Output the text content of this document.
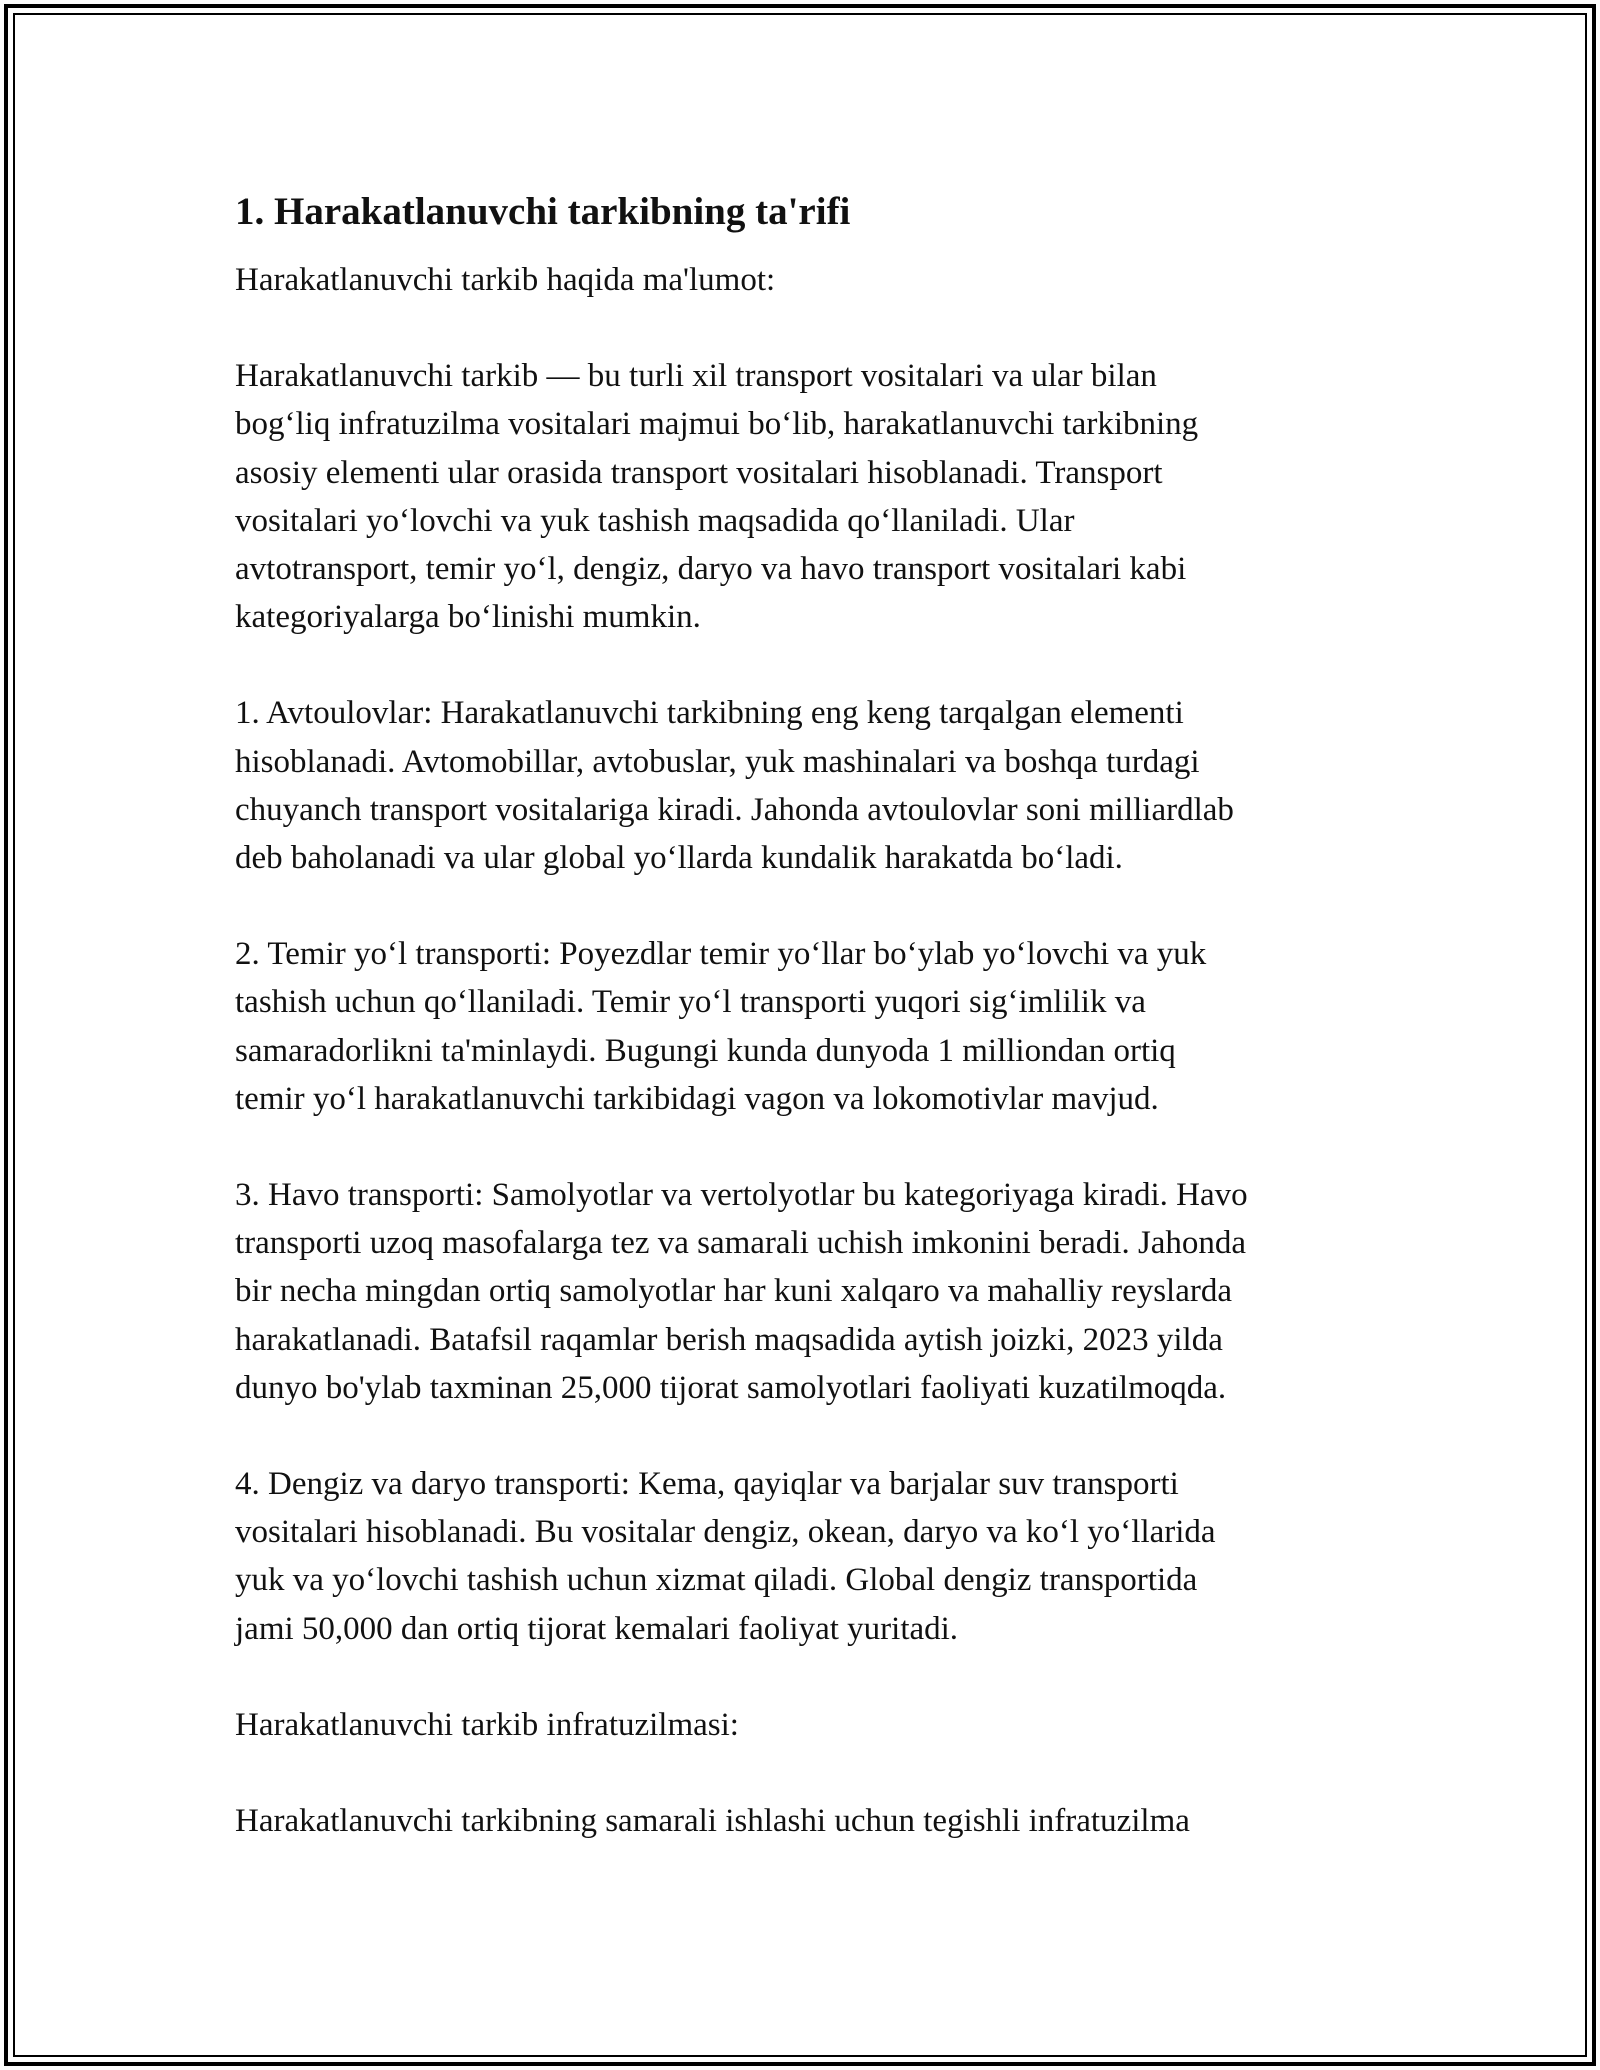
1. Harakatlanuvchi tarkibning ta'rifi

Harakatlanuvchi tarkib haqida ma'lumot:

Harakatlanuvchi tarkib — bu turli xil transport vositalari va ular bilan
bog‘liq infratuzilma vositalari majmui bo‘lib, harakatlanuvchi tarkibning
asosiy elementi ular orasida transport vositalari hisoblanadi. Transport
vositalari yo‘lovchi va yuk tashish maqsadida qo‘llaniladi. Ular
avtotransport, temir yo‘l, dengiz, daryo va havo transport vositalari kabi
kategoriyalarga bo‘linishi mumkin.

1. Avtoulovlar: Harakatlanuvchi tarkibning eng keng tarqalgan elementi
hisoblanadi. Avtomobillar, avtobuslar, yuk mashinalari va boshqa turdagi
chuyanch transport vositalariga kiradi. Jahonda avtoulovlar soni milliardlab
deb baholanadi va ular global yo‘llarda kundalik harakatda bo‘ladi.

2. Temir yo‘l transporti: Poyezdlar temir yo‘llar bo‘ylab yo‘lovchi va yuk
tashish uchun qo‘llaniladi. Temir yo‘l transporti yuqori sig‘imlilik va
samaradorlikni ta'minlaydi. Bugungi kunda dunyoda 1 milliondan ortiq
temir yo‘l harakatlanuvchi tarkibidagi vagon va lokomotivlar mavjud.

3. Havo transporti: Samolyotlar va vertolyotlar bu kategoriyaga kiradi. Havo
transporti uzoq masofalarga tez va samarali uchish imkonini beradi. Jahonda
bir necha mingdan ortiq samolyotlar har kuni xalqaro va mahalliy reyslarda
harakatlanadi. Batafsil raqamlar berish maqsadida aytish joizki, 2023 yilda
dunyo bo'ylab taxminan 25,000 tijorat samolyotlari faoliyati kuzatilmoqda.

4. Dengiz va daryo transporti: Kema, qayiqlar va barjalar suv transporti
vositalari hisoblanadi. Bu vositalar dengiz, okean, daryo va ko‘l yo‘llarida
yuk va yo‘lovchi tashish uchun xizmat qiladi. Global dengiz transportida
jami 50,000 dan ortiq tijorat kemalari faoliyat yuritadi.

Harakatlanuvchi tarkib infratuzilmasi:

Harakatlanuvchi tarkibning samarali ishlashi uchun tegishli infratuzilma
